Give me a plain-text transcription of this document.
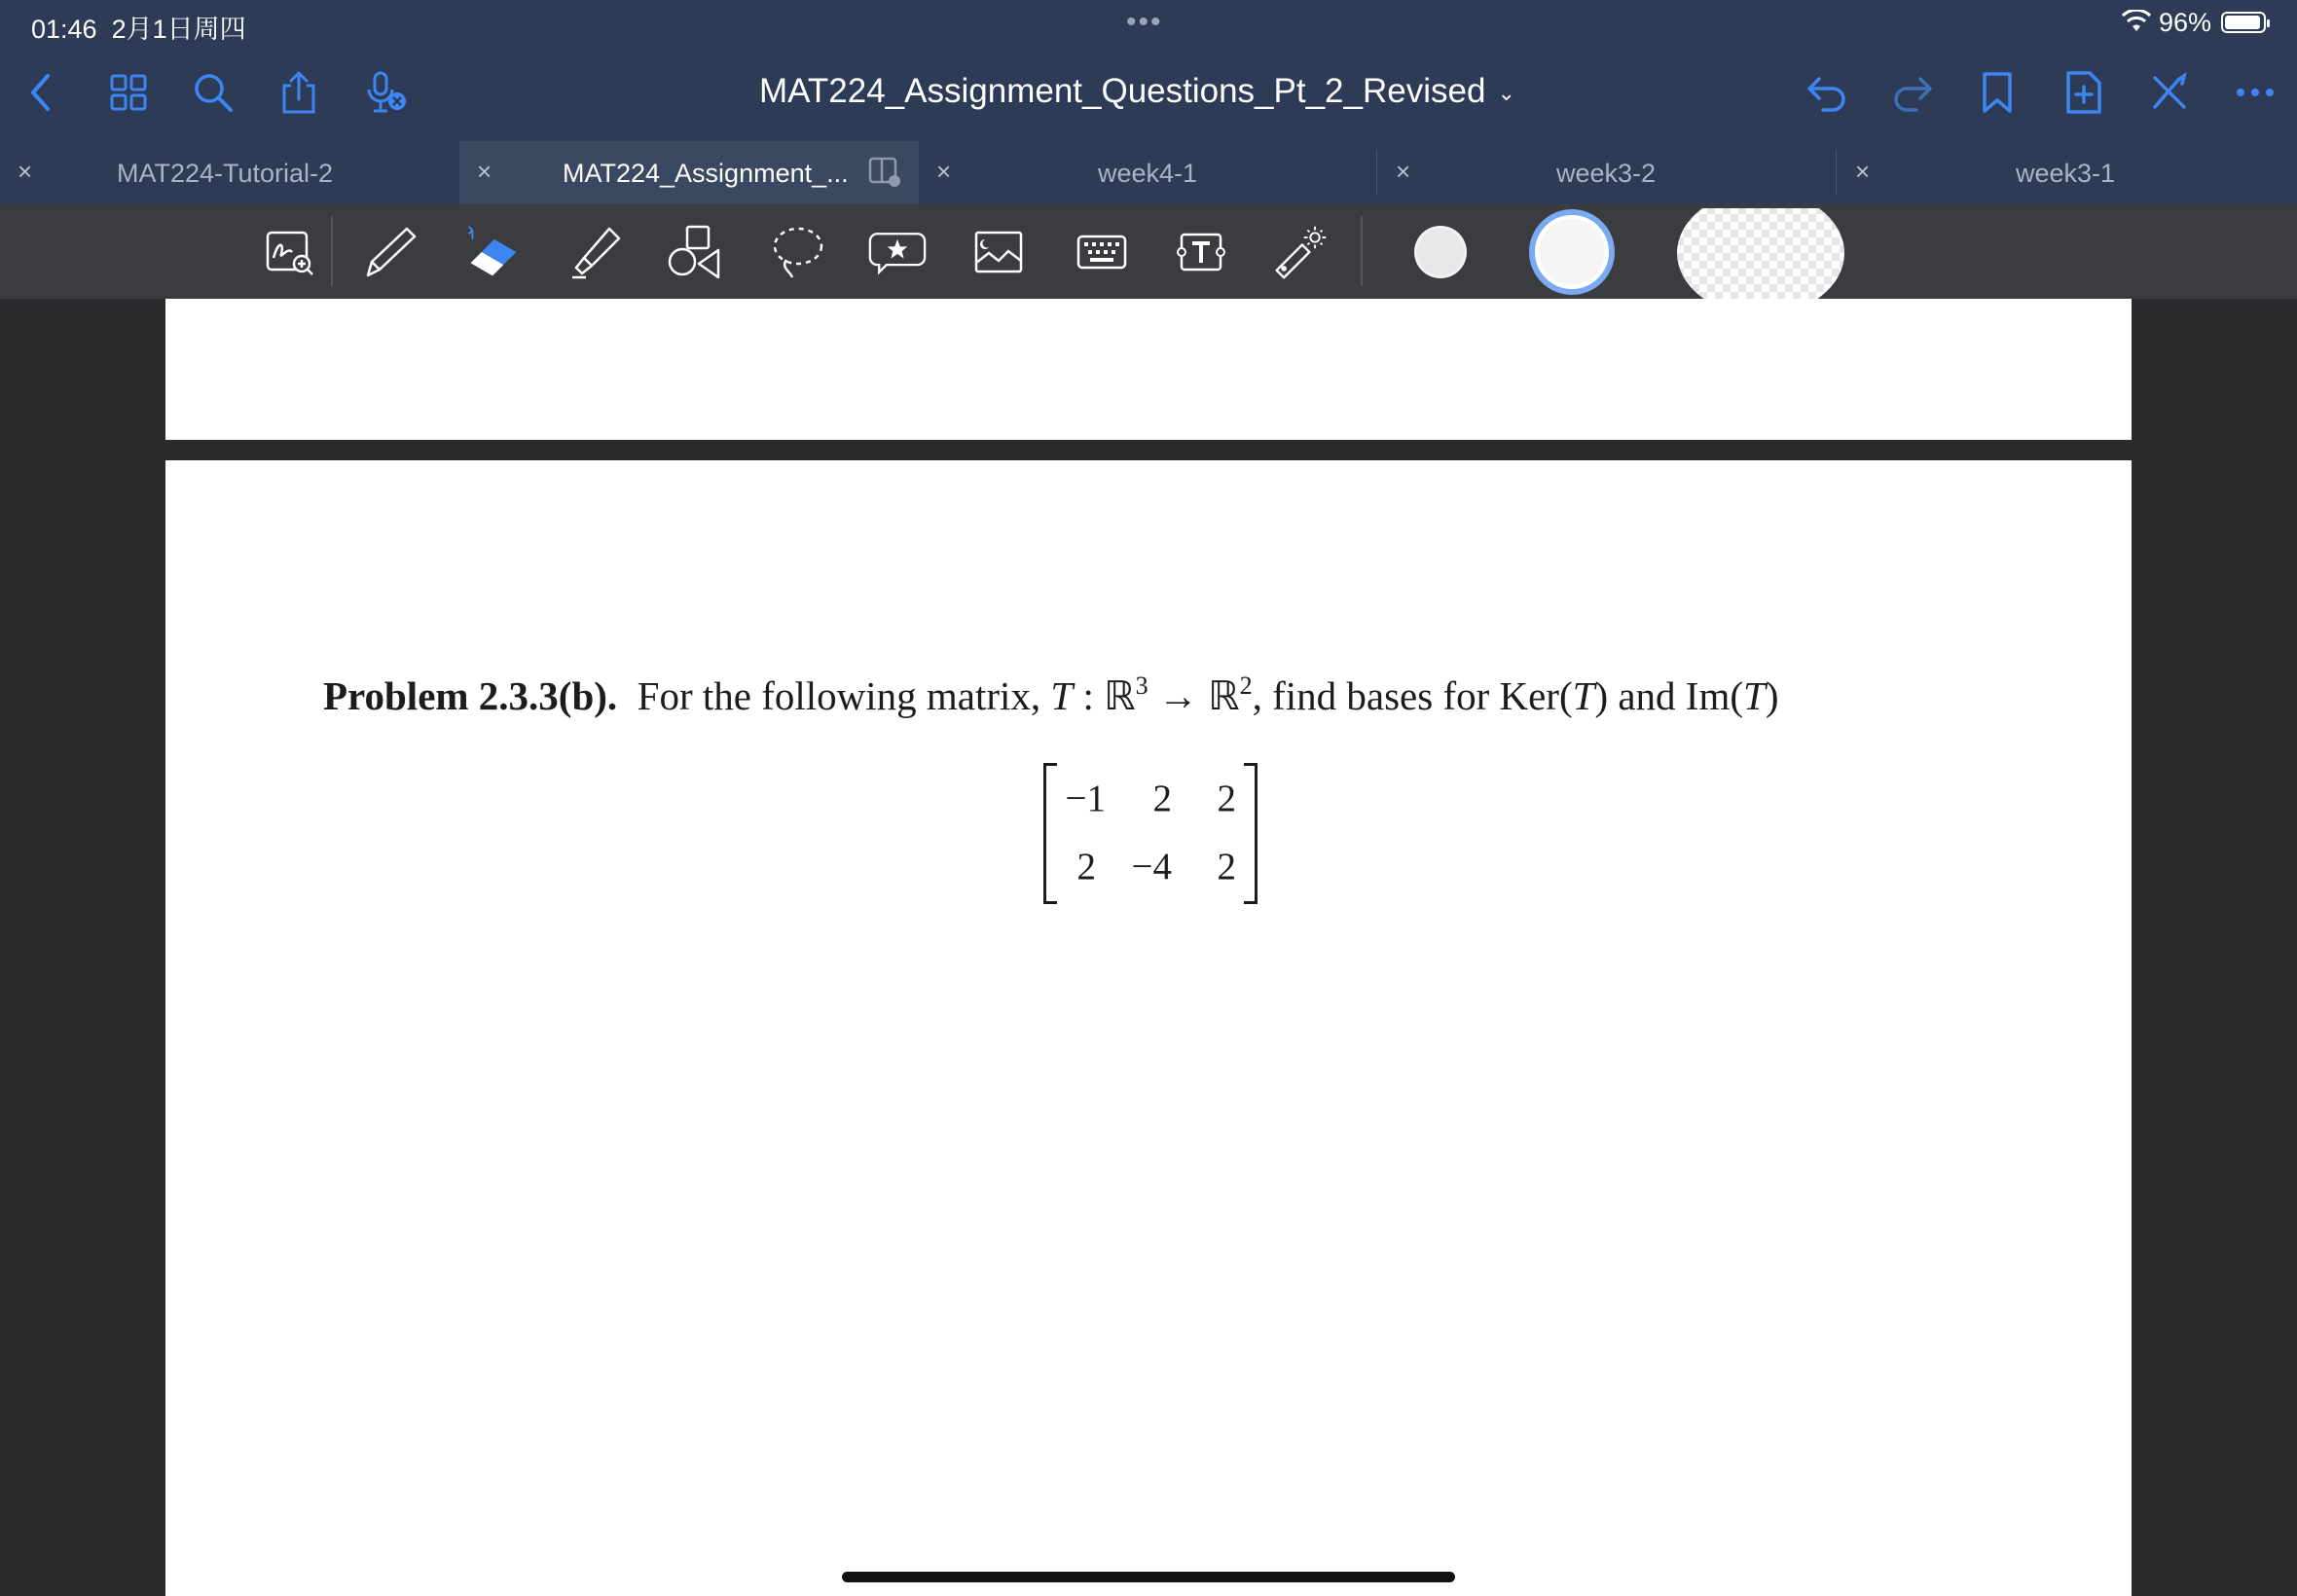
01:46 2月1日周四	•••	96%
MAT224_Assignment_Questions_Pt_2_Revised ⌄
×	MAT224-Tutorial-2	×	MAT224_Assignment_...	×	week4-1	×	week3-2	×	week3-1
Problem 2.3.3(b). For the following matrix, T : ℝ$^3$ → ℝ$^2$, find bases for Ker(T) and Im(T)
−1	2	2
2 −4	2
